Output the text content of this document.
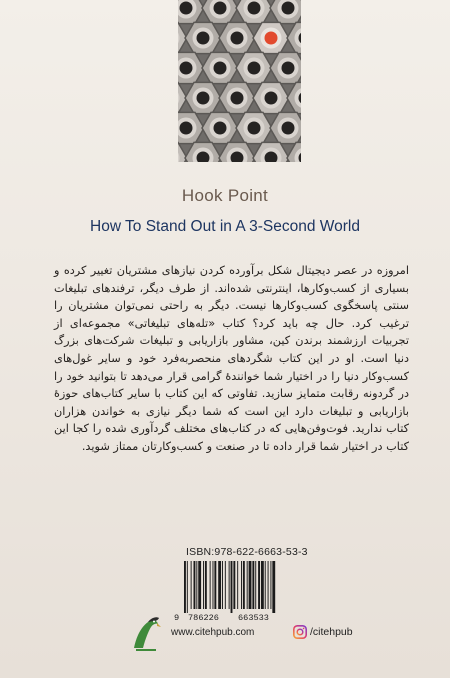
Hook Point
How To Stand Out in A 3-Second World
امروزه در عصر دیجیتال شکل برآورده کردن نیازهای مشتریان تغییر کرده و بسیاری از کسب‌و‌کارها، اینترنتی شده‌اند. از طرف دیگر، ترفندهای تبلیغات سنتی پاسخگوی کسب‌و‌کارها نیست. دیگر به راحتی نمی‌توان مشتریان را ترغیب کرد. حال چه باید کرد؟ کتاب «تله‌های تبلیغاتی» مجموعه‌ای از تجربیات ارزشمند برندن کین، مشاور بازاریابی و تبلیغات شرکت‌های بزرگ دنیا است. او در این کتاب شگردهای منحصربه‌فرد خود و سایر غول‌های کسب‌و‌کار دنیا را در اختیار شما خوانندهٔ گرامی قرار می‌دهد تا بتوانید خود را در گردونه رقابت متمایز سازید. تفاوتی که این کتاب با سایر کتاب‌های حوزهٔ بازاریابی و تبلیغات دارد این است که شما دیگر نیازی به خواندن هزاران کتاب ندارید. فوت‌وفن‌هایی که در کتاب‌های مختلف گردآوری شده را کجا این کتاب در اختیار شما قرار داده تا در صنعت و کسب‌و‌کارتان ممتاز شوید.
ISBN:978-622-6663-53-3
9 786226 663533
www.citehpub.com	/citehpub
